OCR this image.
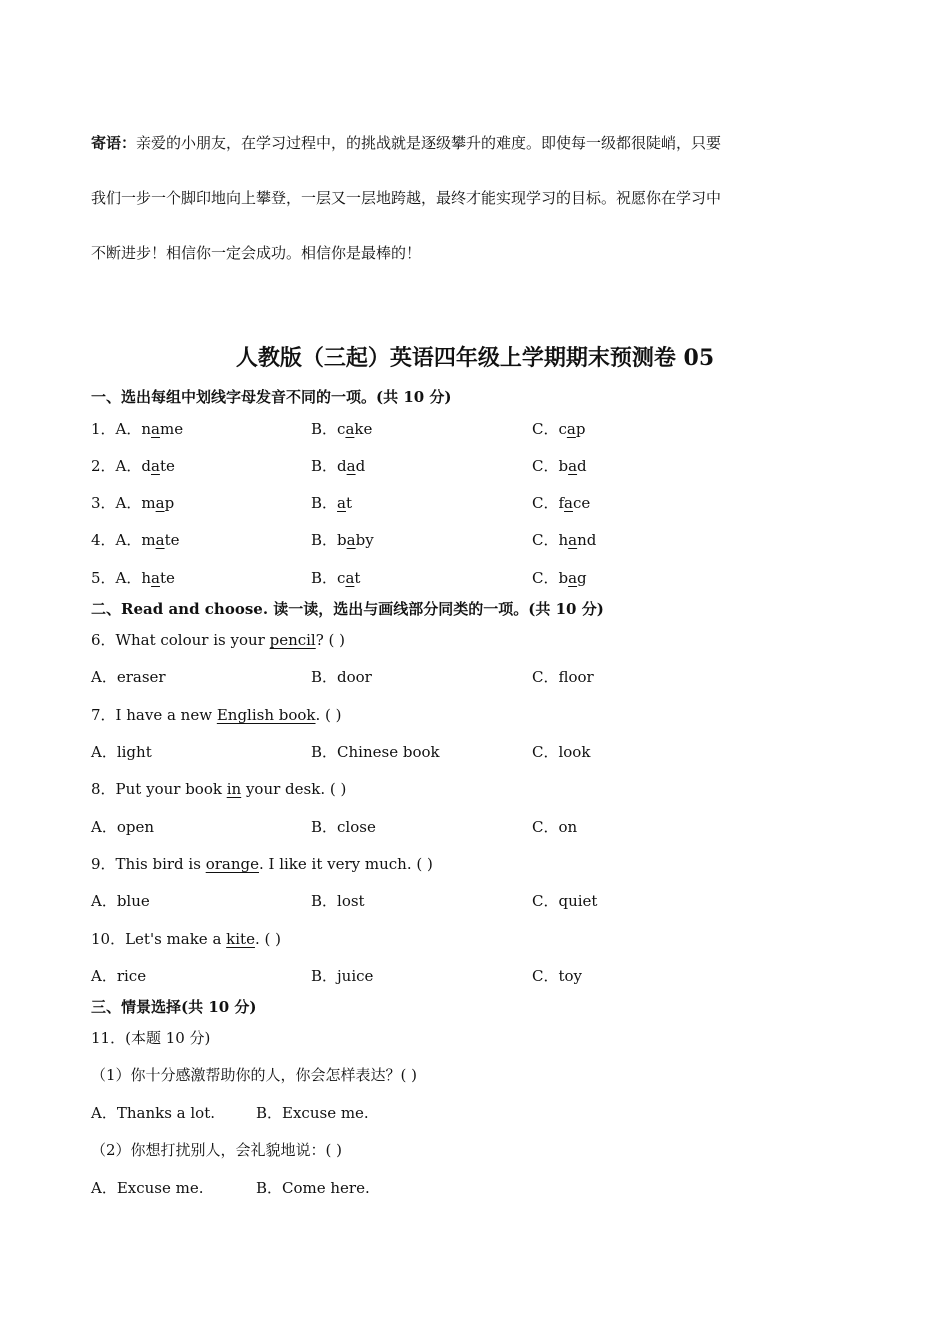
寄语：亲爱的小朋友，在学习过程中，的挑战就是逐级攀升的难度。即使每一级都很陡峭，只要
我们一步一个脚印地向上攀登，一层又一层地跨越，最终才能实现学习的目标。祝愿你在学习中
不断进步！相信你一定会成功。相信你是最棒的！
人教版（三起）英语四年级上学期期末预测卷 05
一、选出每组中划线字母发音不同的一项。(共 10 分)
1．A．name	B．cake	C．cap
2．A．date	B．dad	C．bad
3．A．map	B．at	C．face
4．A．mate	B．baby	C．hand
5．A．hate	B．cat	C．bag
二、Read and choose. 读一读，选出与画线部分同类的一项。(共 10 分)
6．What colour is your pencil? ( )
A．eraser	B．door	C．floor
7．I have a new English book. ( )
A．light	B．Chinese book	C．look
8．Put your book in your desk. ( )
A．open	B．close	C．on
9．This bird is orange. I like it very much. ( )
A．blue	B．lost	C．quiet
10．Let's make a kite. ( )
A．rice	B．juice	C．toy
三、情景选择(共 10 分)
11．(本题 10 分)
（1）你十分感激帮助你的人，你会怎样表达？( )
A．Thanks a lot.	B．Excuse me.
（2）你想打扰别人，会礼貌地说：( )
A．Excuse me.	B．Come here.
